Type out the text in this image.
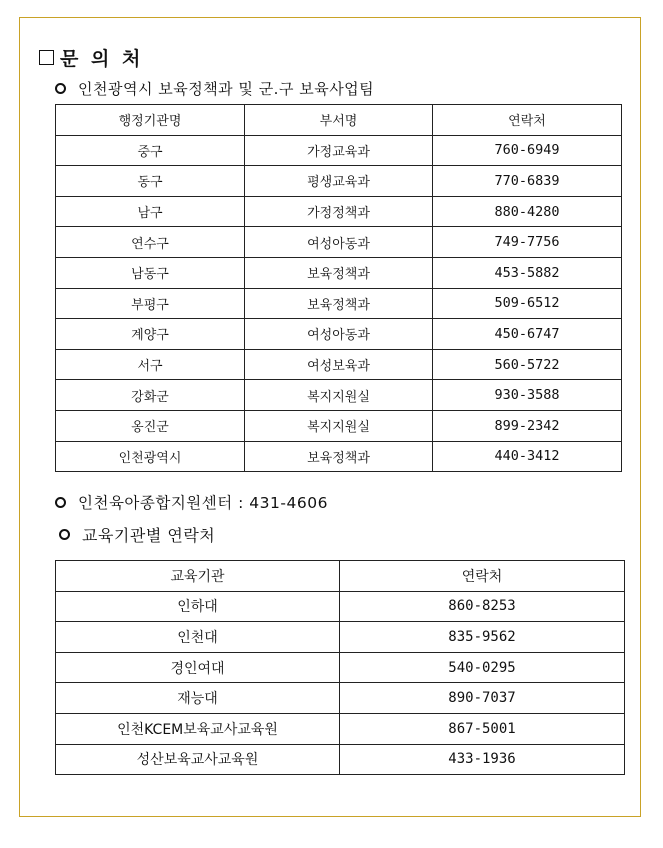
문 의 처
인천광역시 보육정책과 및 군.구 보육사업팀
행정기관명	부서명	연락처
중구	가정교육과	760-6949
동구	평생교육과	770-6839
남구	가정정책과	880-4280
연수구	여성아동과	749-7756
남동구	보육정책과	453-5882
부평구	보육정책과	509-6512
계양구	여성아동과	450-6747
서구	여성보육과	560-5722
강화군	복지지원실	930-3588
옹진군	복지지원실	899-2342
인천광역시	보육정책과	440-3412
인천육아종합지원센터 : 431-4606
교육기관별 연락처
교육기관	연락처
인하대	860-8253
인천대	835-9562
경인여대	540-0295
재능대	890-7037
인천KCEM보육교사교육원	867-5001
성산보육교사교육원	433-1936
